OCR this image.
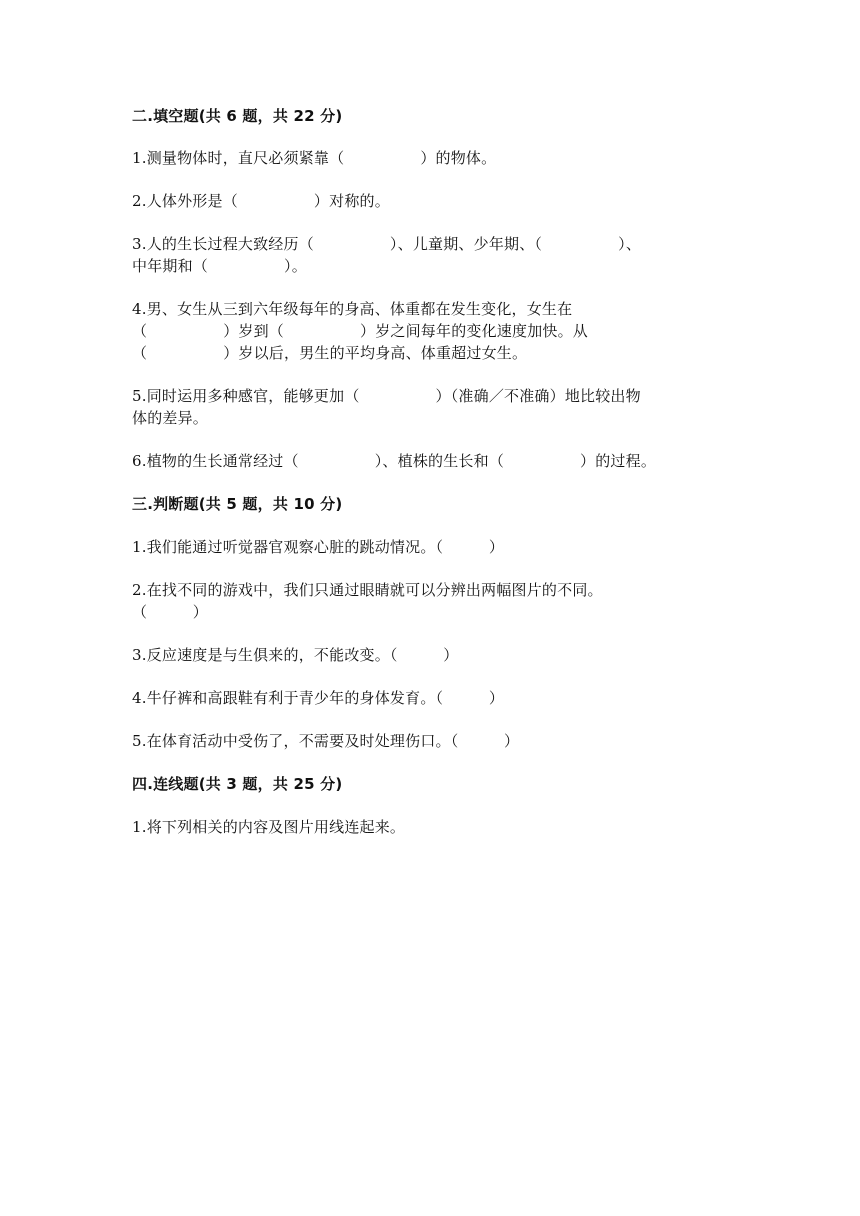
二.填空题(共 6 题，共 22 分)
1.测量物体时，直尺必须紧靠（　　　　　）的物体。
2.人体外形是（　　　　　）对称的。
3.人的生长过程大致经历（　　　　　）、儿童期、少年期、（　　　　　）、
中年期和（　　　　　）。
4.男、女生从三到六年级每年的身高、体重都在发生变化，女生在
（　　　　　）岁到（　　　　　）岁之间每年的变化速度加快。从
（　　　　　）岁以后，男生的平均身高、体重超过女生。
5.同时运用多种感官，能够更加（　　　　　）（准确／不准确）地比较出物
体的差异。
6.植物的生长通常经过（　　　　　）、植株的生长和（　　　　　）的过程。
三.判断题(共 5 题，共 10 分)
1.我们能通过听觉器官观察心脏的跳动情况。（　　　）
2.在找不同的游戏中，我们只通过眼睛就可以分辨出两幅图片的不同。
（　　　）
3.反应速度是与生俱来的，不能改变。（　　　）
4.牛仔裤和高跟鞋有利于青少年的身体发育。（　　　）
5.在体育活动中受伤了，不需要及时处理伤口。（　　　）
四.连线题(共 3 题，共 25 分)
1.将下列相关的内容及图片用线连起来。
